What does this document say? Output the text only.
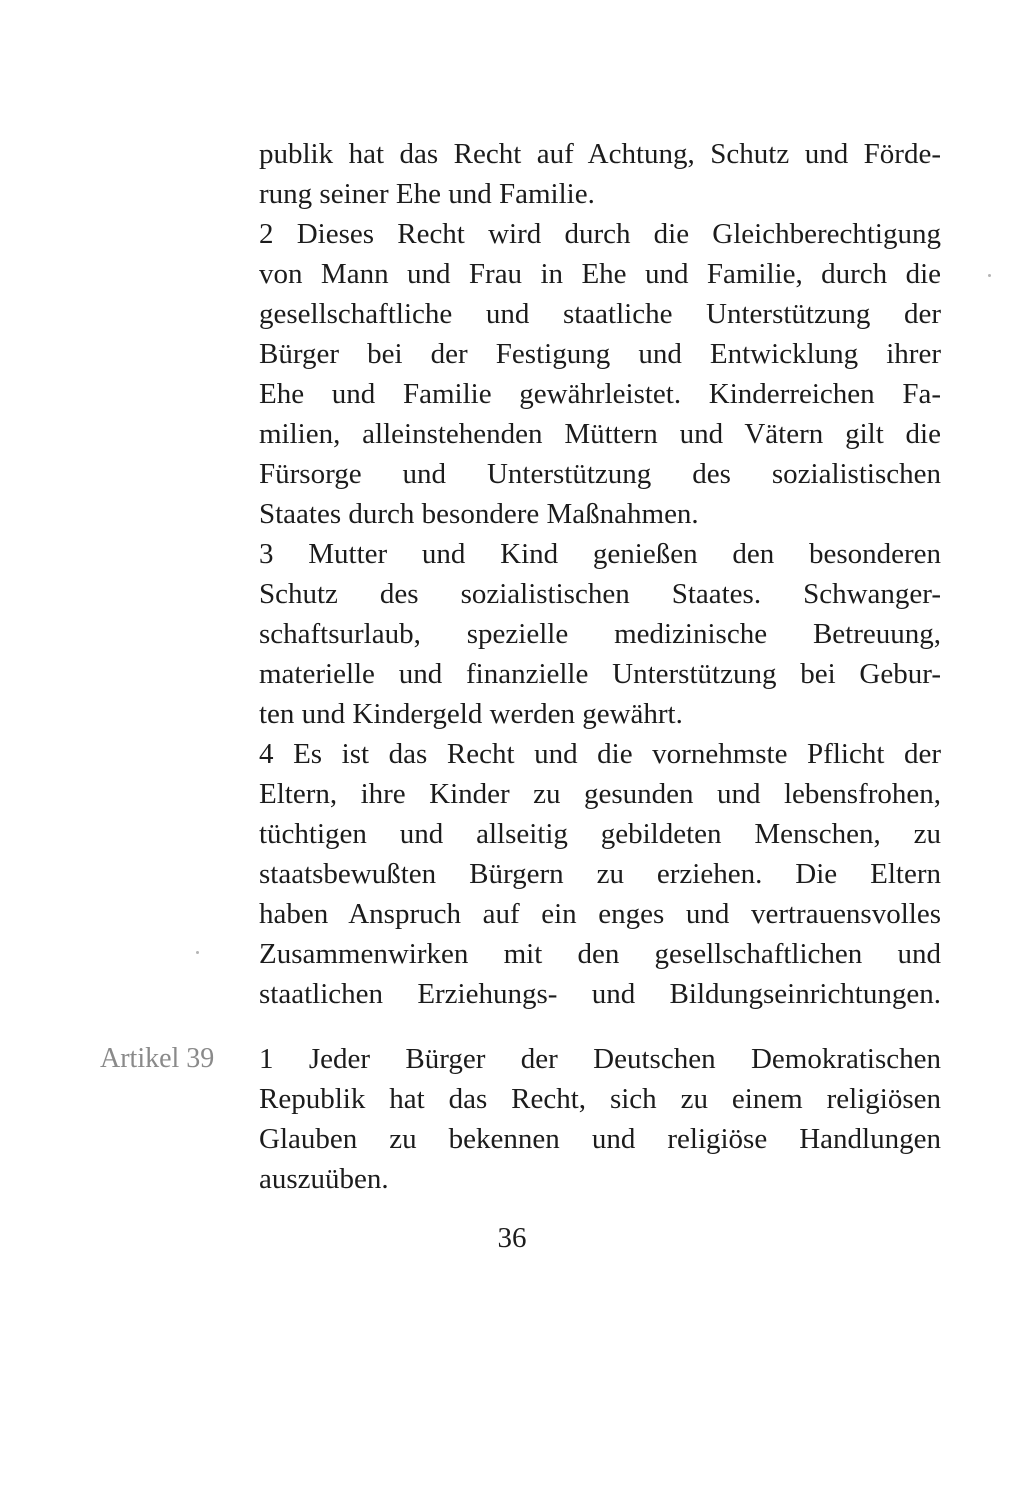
publik hat das Recht auf Achtung, Schutz und Förde-
rung seiner Ehe und Familie.
2 Dieses Recht wird durch die Gleichberechtigung
von Mann und Frau in Ehe und Familie, durch die
gesellschaftliche und staatliche Unterstützung der
Bürger bei der Festigung und Entwicklung ihrer
Ehe und Familie gewährleistet. Kinderreichen Fa-
milien, alleinstehenden Müttern und Vätern gilt die
Fürsorge und Unterstützung des sozialistischen
Staates durch besondere Maßnahmen.
3 Mutter und Kind genießen den besonderen
Schutz des sozialistischen Staates. Schwanger-
schaftsurlaub, spezielle medizinische Betreuung,
materielle und finanzielle Unterstützung bei Gebur-
ten und Kindergeld werden gewährt.
4 Es ist das Recht und die vornehmste Pflicht der
Eltern, ihre Kinder zu gesunden und lebensfrohen,
tüchtigen und allseitig gebildeten Menschen, zu
staatsbewußten Bürgern zu erziehen. Die Eltern
haben Anspruch auf ein enges und vertrauensvolles
Zusammenwirken mit den gesellschaftlichen und
staatlichen Erziehungs- und Bildungseinrichtungen.
Artikel 39 1 Jeder Bürger der Deutschen Demokratischen
Republik hat das Recht, sich zu einem religiösen
Glauben zu bekennen und religiöse Handlungen
auszuüben.
36
